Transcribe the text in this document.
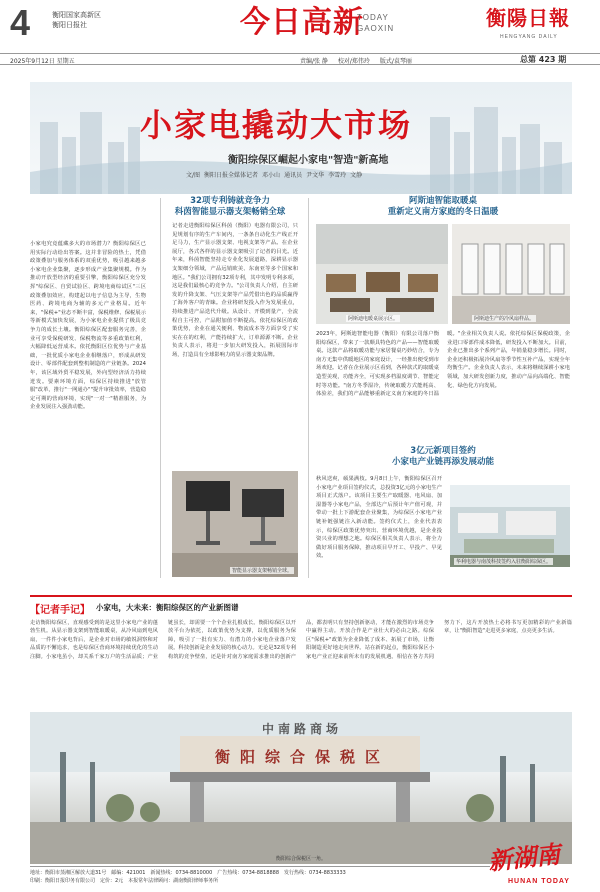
4	衡阳国家高新区
衡阳日报社	今日高新
TODAY
GAOXIN	衡陽日報
HENGYANG DAILY
2025年9月12日 星期五	责编/张 静 校对/郑伟玲 版式/袁琴丽	总第 423 期
小家电撬动大市场
衡阳综保区崛起小家电"智造"新高地
文/图 衡阳日报全媒体记者 邓小山 通讯员 尹文华 李雪玲 文静
小家电究竟蕴藏多大的市场潜力？衡阳综保区已用实际行动给出答案。这并非冒险的热土，凭借政策叠加与服务体系的双重优势，吸引越来越多小家电企业集聚，逐步形成产业集聚规模。作为推动开放型经济的重要引擎，衡阳综保区充分发挥"综保区、自贸试验区、跨境电商综试区"三区政策叠加效应，构建起以电子信息为主导，生物医药、跨境电商为辅的多元产业格局。近年来，"保税+"业态不断丰富，保税维修、保税展示等新模式加快发展，为小家电企业提供了极具竞争力的成长土壤。衡阳综保区配套服务完善，企业可享受保税研发、保税物流等多重政策红利，大幅降低运营成本。依托衡阳区位优势与产业基础，一批优质小家电企业相继落户，形成从研发设计、零部件配套到整机制造的产业链条。2024年，该区域外贸平稳发展，外向型经济活力持续迸发。要素环境方面，综保区持续推进"放管服"改革，推行"一网通办""提升审批效率，营造稳定可期的营商环境，实现"一对一"精准服务，为企业发展注入强劲动能。
32项专利铸就竞争力
科茵智能显示器支架畅销全球
记者走进衡阳综保区科茵（衡阳）电器有限公司，只见规划有序的生产车间内，一条条自动化生产线正开足马力，生产显示器支架、电视支架等产品。在企业展厅，各式各样的显示器支架吸引了记者的目光。近年来，科茵智能坚持走专业化发展道路，深耕显示器支架细分领域，产品远销欧美、东南亚等多个国家和地区。"我们公司拥有32项专利，其中发明专利多项，这是我们最核心的竞争力。"公司负责人介绍，自主研发的升降支架、气压支架等产品凭借出色的品质赢得了海外客户的青睐。企业将研发投入作为发展重点，持续推进产品迭代升级。从设计、开模到量产，全流程自主可控，产品附加值不断提高。依托综保区的政策优势，企业在通关便利、物流成本等方面享受了实实在在的红利，产能持续扩大，订单源源不断。企业负责人表示，将进一步加大研发投入，拓展国际市场，打造具有全球影响力的显示器支架品牌。
智能显示器支架畅销全球。
阿斯迪智能取暖桌
重新定义南方家庭的冬日温暖
阿斯迪电暖桌展示区。	阿斯迪生产的冷风扇样品。
2023年，阿斯迪智能电器（衡阳）有限公司落户衡阳综保区，带来了一款颇具特色的产品——智能取暖桌。这款产品将取暖功能与家居餐桌巧妙结合，专为南方无集中供暖地区的家庭设计，一经推出便受到市场欢迎。记者在企业展示区看到，各种款式的取暖桌造型美观，功能齐全，可实现多档温度调节、智能定时等功能。"南方冬季湿冷，传统取暖方式能耗高、体验差，我们的产品能够重新定义南方家庭的冬日温暖。"企业相关负责人说。依托综保区保税政策，企业进口零部件成本降低，研发投入不断加大。目前，企业已推出多个系列产品，年销量稳步增长。同时，企业还积极拓展冷风扇等季节性互补产品，实现全年均衡生产。企业负责人表示，未来将继续深耕小家电领域，加大研发创新力度，推动产品向高端化、智能化、绿色化方向发展。
3亿元新项目签约
小家电产业链再添发展动能
秋风送爽，硕果满枝。9月8日上午，衡阳综保区召开小家电产业项目签约仪式，总投资3亿元的小家电生产项目正式落户。该项目主要生产取暖器、电风扇、加湿器等小家电产品，全部达产后预计年产值可观，并带动一批上下游配套企业聚集，为综保区小家电产业链补链强链注入新动能。签约仪式上，企业代表表示，综保区政策优势突出、营商环境优越，是企业投资兴业的理想之地。综保区相关负责人表示，将全力做好项目服务保障，推动项目早开工、早投产、早见效。
华利电器与南茂科技签约入驻衡阳综保区。
【记者手记】 小家电，大未来：衡阳综保区的产业新图谱
走访衡阳综保区，直观感受到的是这里小家电产业的蓬勃生机。从显示器支架到智能取暖桌，从冷风扇到电风扇，一件件小家电背后，是企业对市场的敏锐洞察和对品质的不懈追求，也是综保区营商环境持续优化的生动注脚。小家电虽小，却关系千家万户的生活品质；产业链虽长，却需要一个个企业扎根成长。衡阳综保区以开放平台为依托，以政策优势为支撑，以优质服务为保障，吸引了一批有实力、有潜力的小家电企业落户发展。科技创新是企业发展的核心动力。无论是32项专利构筑的竞争壁垒，还是针对南方家庭需求推出的创新产品，都表明只有坚持创新驱动，才能在激烈的市场竞争中赢得主动。开放合作是产业壮大的必由之路。综保区"保税+"政策为企业降低了成本、拓展了市场，让衡阳制造更好地走向世界。站在新的起点，衡阳综保区小家电产业正迎来前所未有的发展机遇。相信在各方共同努力下，这片开放热土必将书写更加精彩的产业新篇章，让"衡阳智造"走进更多家庭，点亮更多生活。
中南路商场
衡阳综合保税区
衡阳综合保税区一角。
地址：衡阳市蒸湘区解放大道31号　邮编：421001　新闻热线：0734-8810000　广告热线：0734-8818888　发行热线：0734-8833333
印刷：衡阳日报印务有限公司　定价：2元　本报常年法律顾问：湖南衡阳律师事务所
新湖南
HUNAN TODAY
